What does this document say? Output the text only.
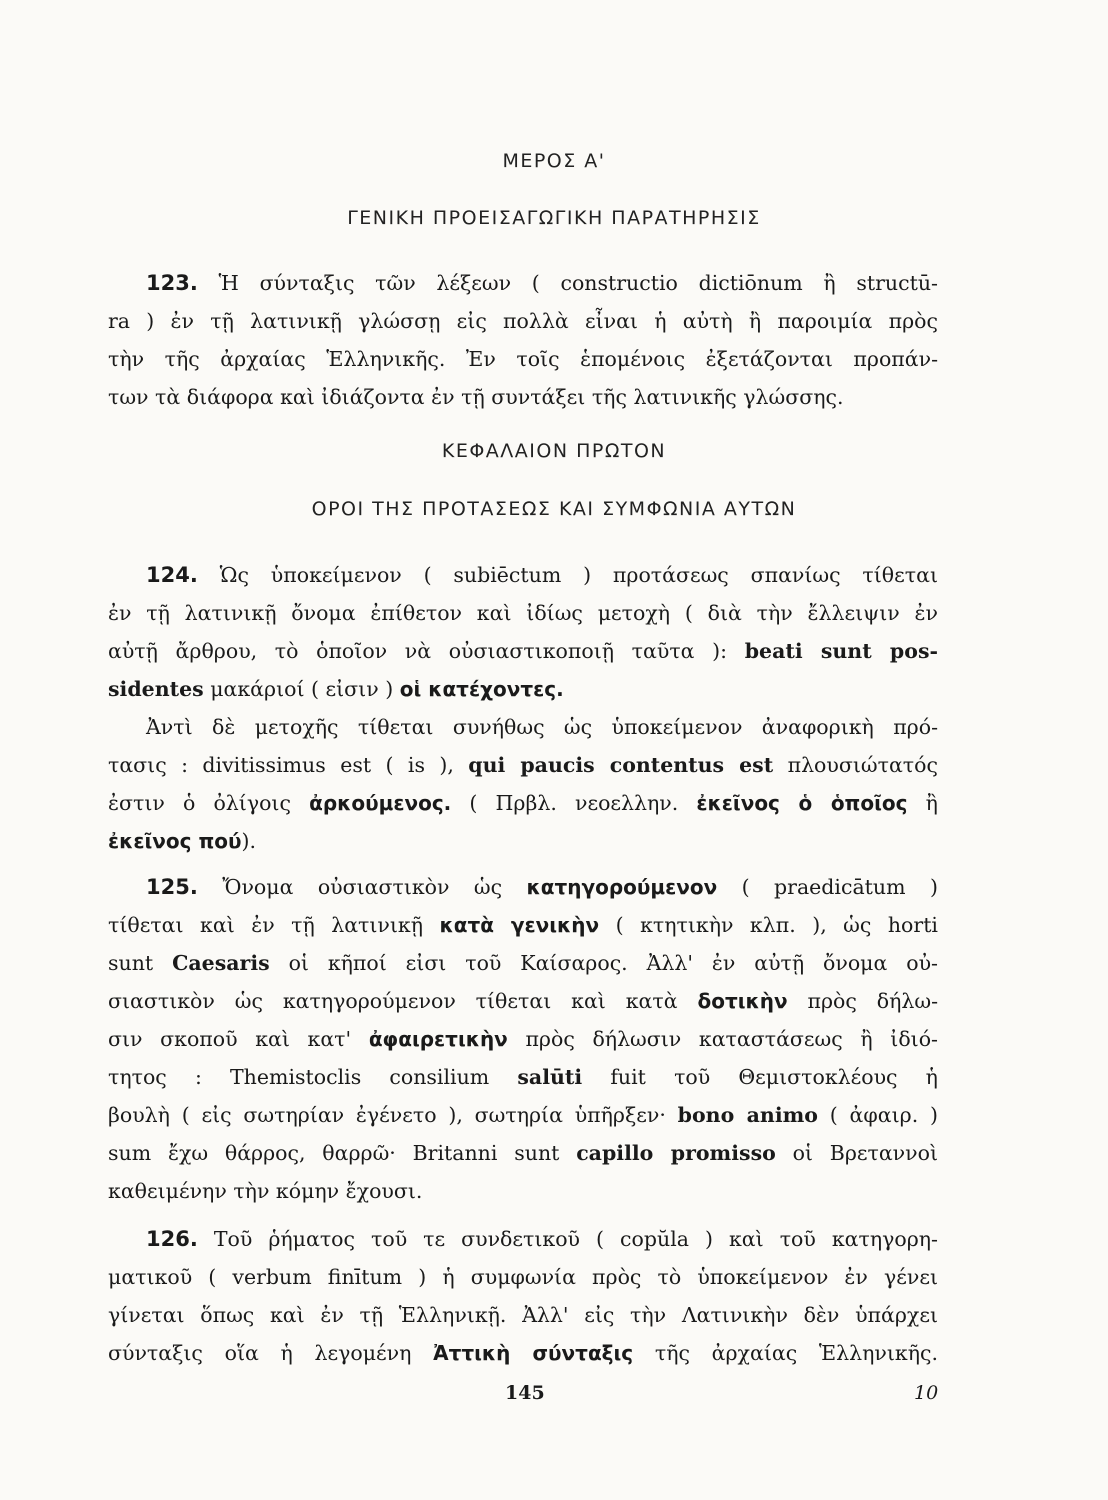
ΜΕΡΟΣ Α'
ΓΕΝΙΚΗ ΠΡΟΕΙΣΑΓΩΓΙΚΗ ΠΑΡΑΤΗΡΗΣΙΣ
123. Ἡ σύνταξις τῶν λέξεων ( constructio dictiōnum ἢ structū-
ra ) ἐν τῇ λατινικῇ γλώσσῃ εἰς πολλὰ εἶναι ἡ αὐτὴ ἢ παροιμία πρὸς
τὴν τῆς ἀρχαίας Ἑλληνικῆς. Ἐν τοῖς ἑπομένοις ἐξετάζονται προπάν-
των τὰ διάφορα καὶ ἰδιάζοντα ἐν τῇ συντάξει τῆς λατινικῆς γλώσσης.
ΚΕΦΑΛΑΙΟΝ ΠΡΩΤΟΝ
ΟΡΟΙ ΤΗΣ ΠΡΟΤΑΣΕΩΣ ΚΑΙ ΣΥΜΦΩΝΙΑ ΑΥΤΩΝ
124. Ὡς ὑποκείμενον ( subiēctum ) προτάσεως σπανίως τίθεται
ἐν τῇ λατινικῇ ὄνομα ἐπίθετον καὶ ἰδίως μετοχὴ ( διὰ τὴν ἔλλειψιν ἐν
αὐτῇ ἄρθρου, τὸ ὁποῖον νὰ οὐσιαστικοποιῇ ταῦτα ): beati sunt pos-
sidentes μακάριοί ( εἰσιν ) οἱ κατέχοντες.
Ἀντὶ δὲ μετοχῆς τίθεται συνήθως ὡς ὑποκείμενον ἀναφορικὴ πρό-
τασις : divitissimus est ( is ), qui paucis contentus est πλουσιώτατός
ἐστιν ὁ ὀλίγοις ἀρκούμενος. ( Πρβλ. νεοελλην. ἐκεῖνος ὁ ὁποῖος ἢ
ἐκεῖνος πού).
125. Ὄνομα οὐσιαστικὸν ὡς κατηγορούμενον ( praedicātum )
τίθεται καὶ ἐν τῇ λατινικῇ κατὰ γενικὴν ( κτητικὴν κλπ. ), ὡς horti
sunt Caesaris οἱ κῆποί εἰσι τοῦ Καίσαρος. Ἀλλ' ἐν αὐτῇ ὄνομα οὐ-
σιαστικὸν ὡς κατηγορούμενον τίθεται καὶ κατὰ δοτικὴν πρὸς δήλω-
σιν σκοποῦ καὶ κατ' ἀφαιρετικὴν πρὸς δήλωσιν καταστάσεως ἢ ἰδιό-
τητος : Themistoclis consilium salūti fuit τοῦ Θεμιστοκλέους ἡ
βουλὴ ( εἰς σωτηρίαν ἐγένετο ), σωτηρία ὑπῆρξεν· bono animo ( ἀφαιρ. )
sum ἔχω θάρρος, θαρρῶ· Britanni sunt capillo promisso οἱ Βρεταννοὶ
καθειμένην τὴν κόμην ἔχουσι.
126. Τοῦ ῥήματος τοῦ τε συνδετικοῦ ( copŭla ) καὶ τοῦ κατηγορη-
ματικοῦ ( verbum finītum ) ἡ συμφωνία πρὸς τὸ ὑποκείμενον ἐν γένει
γίνεται ὅπως καὶ ἐν τῇ Ἑλληνικῇ. Ἀλλ' εἰς τὴν Λατινικὴν δὲν ὑπάρχει
σύνταξις οἵα ἡ λεγομένη Ἀττικὴ σύνταξις τῆς ἀρχαίας Ἑλληνικῆς.
145	10
